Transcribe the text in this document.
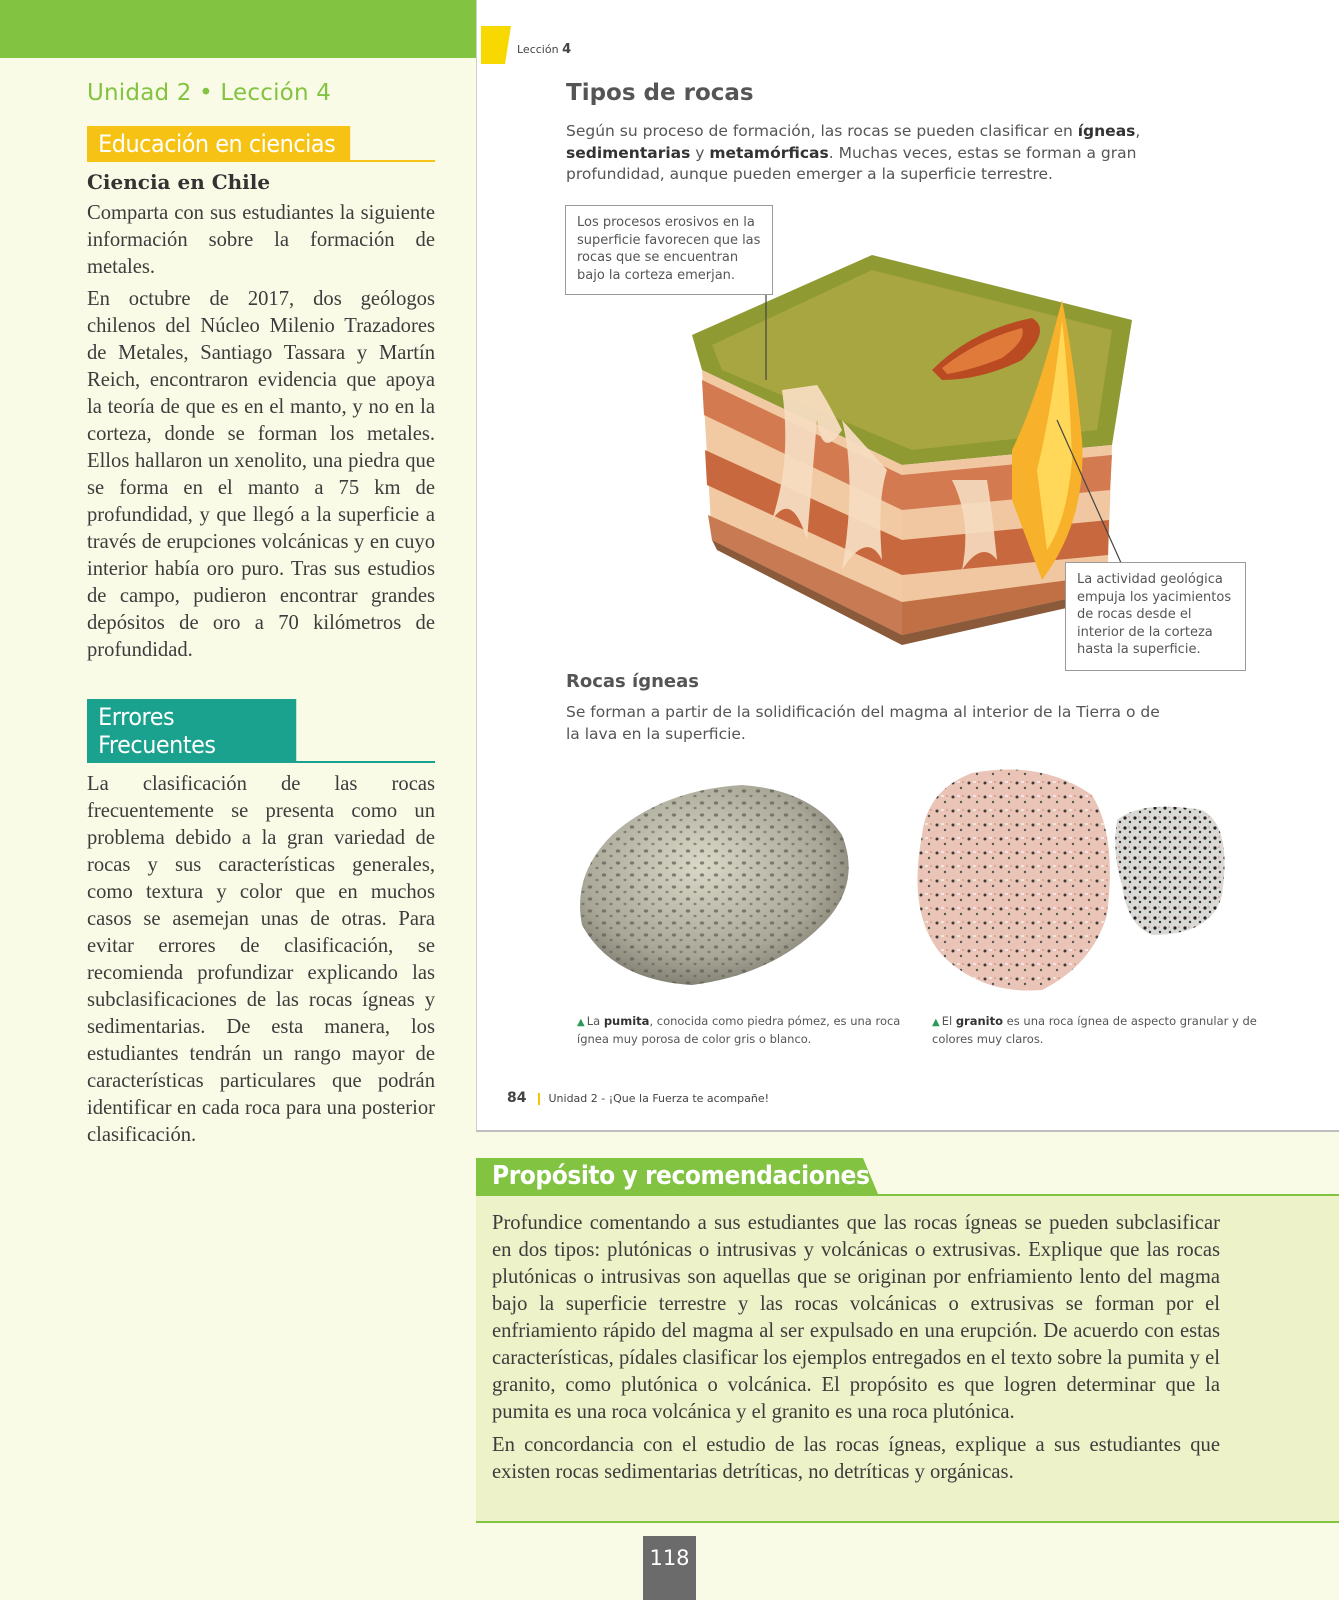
Unidad 2 • Lección 4
Educación en ciencias
Ciencia en Chile

Comparta con sus estudiantes la siguiente información sobre la formación de metales.

En octubre de 2017, dos geólogos chilenos del Núcleo Milenio Trazadores de Metales, Santiago Tassara y Martín Reich, encontraron evidencia que apoya la teoría de que es en el manto, y no en la corteza, donde se forman los metales. Ellos hallaron un xenolito, una piedra que se forma en el manto a 75 km de profundidad, y que llegó a la superficie a través de erupciones volcánicas y en cuyo interior había oro puro. Tras sus estudios de campo, pudieron encontrar grandes depósitos de oro a 70 kilómetros de profundidad.

Errores Frecuentes

La clasificación de las rocas frecuentemente se presenta como un problema debido a la gran variedad de rocas y sus características generales, como textura y color que en muchos casos se asemejan unas de otras. Para evitar errores de clasificación, se recomienda profundizar explicando las subclasificaciones de las rocas ígneas y sedimentarias. De esta manera, los estudiantes tendrán un rango mayor de características particulares que podrán identificar en cada roca para una posterior clasificación.

Lección 4
Tipos de rocas

Según su proceso de formación, las rocas se pueden clasificar en ígneas, sedimentarias y metamórficas. Muchas veces, estas se forman a gran profundidad, aunque pueden emerger a la superficie terrestre.

Los procesos erosivos en la superficie favorecen que las rocas que se encuentran bajo la corteza emerjan.
La actividad geológica empuja los yacimientos de rocas desde el interior de la corteza hasta la superficie.
Rocas ígneas

Se forman a partir de la solidificación del magma al interior de la Tierra o de la lava en la superficie.

▲ La pumita, conocida como piedra pómez, es una roca ígnea muy porosa de color gris o blanco.
▲ El granito es una roca ígnea de aspecto granular y de colores muy claros.
84 Unidad 2 - ¡Que la Fuerza te acompañe!
Propósito y recomendaciones

Profundice comentando a sus estudiantes que las rocas ígneas se pueden subclasificar en dos tipos: plutónicas o intrusivas y volcánicas o extrusivas. Explique que las rocas plutónicas o intrusivas son aquellas que se originan por enfriamiento lento del magma bajo la superficie terrestre y las rocas volcánicas o extrusivas se forman por el enfriamiento rápido del magma al ser expulsado en una erupción. De acuerdo con estas características, pídales clasificar los ejemplos entregados en el texto sobre la pumita y el granito, como plutónica o volcánica. El propósito es que logren determinar que la pumita es una roca volcánica y el granito es una roca plutónica.

En concordancia con el estudio de las rocas ígneas, explique a sus estudiantes que existen rocas sedimentarias detríticas, no detríticas y orgánicas.

118
